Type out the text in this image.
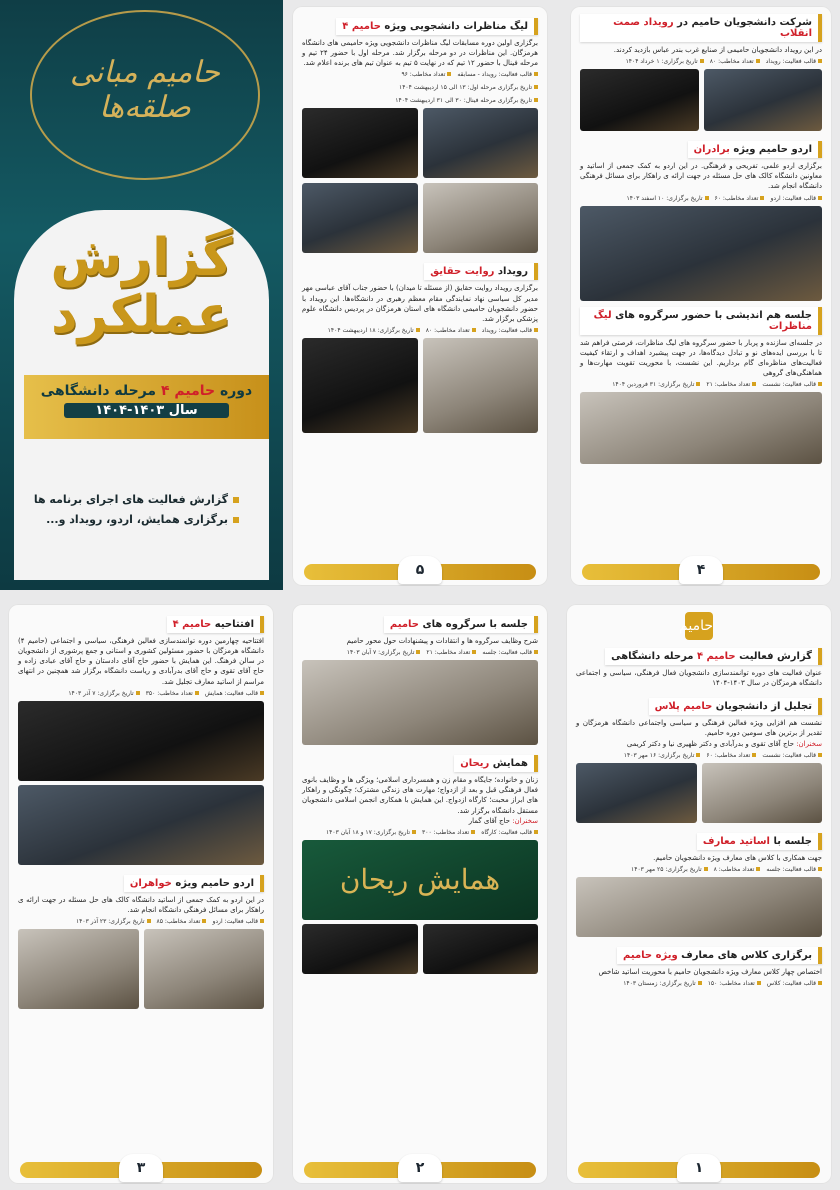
حامیم مبانی صلقه‌ها
گزارش
عملکرد
دوره حامیم ۴ مرحله دانشگاهی
سال ۱۴۰۳-۱۴۰۴
گزارش فعالیت های اجرای برنامه ها
برگزاری همایش، اردو، رویداد و...
لیگ مناظرات دانشجویی ویژه حامیم ۴

برگزاری اولین دوره مسابقات لیگ مناظرات دانشجویی ویژه حامیمی های دانشگاه هرمزگان. این مناظرات در دو مرحله برگزار شد. مرحله اول با حضور ۲۴ تیم و مرحله فینال با حضور ۱۲ تیم که در نهایت ۵ تیم به عنوان تیم های برنده اعلام شد.

قالب فعالیت: رویداد - مسابقه
تعداد مخاطب: ۹۶
تاریخ برگزاری مرحله اول: ۱۳ الی ۱۵ اردیبهشت ۱۴۰۴
تاریخ برگزاری مرحله فینال: ۳۰ الی ۳۱ اردیبهشت ۱۴۰۴
رویداد روایت حقایق

برگزاری رویداد روایت حقایق (از مسئله تا میدان) با حضور جناب آقای عباسی مهر مدیر کل سیاسی نهاد نمایندگی مقام معظم رهبری در دانشگاه‌ها. این رویداد با حضور دانشجویان حامیمی دانشگاه های استان هرمزگان در پردیس دانشگاه علوم پزشکی برگزار شد.

قالب فعالیت: رویداد
تعداد مخاطب: ۸۰
تاریخ برگزاری: ۱۸ اردیبهشت ۱۴۰۴
۵
شرکت دانشجویان حامیم در رویداد صمت انقلاب

در این رویداد دانشجویان حامیمی از صنایع غرب بندر عباس بازدید کردند.

قالب فعالیت: رویداد
تعداد مخاطب: ۸۰
تاریخ برگزاری: ۱ خرداد ۱۴۰۴
اردو حامیم ویژه برادران

برگزاری اردو علمی، تفریحی و فرهنگی. در این اردو به کمک جمعی از اساتید و معاونین دانشگاه کالک های حل مسئله در جهت ارائه ی راهکار برای مسائل فرهنگی دانشگاه انجام شد.

قالب فعالیت: اردو
تعداد مخاطب: ۶۰
تاریخ برگزاری: ۱۰ اسفند ۱۴۰۳
جلسه هم اندیشی با حضور سرگروه های لیگ مناظرات

در جلسه‌ای سازنده و پربار با حضور سرگروه های لیگ مناظرات، فرصتی فراهم شد تا با بررسی ایده‌های نو و تبادل دیدگاه‌ها، در جهت پیشبرد اهداف و ارتقاء کیفیت فعالیت‌های مناظره‌ای گام برداریم. این نشست، با محوریت تقویت مهارت‌ها و هماهنگی‌های گروهی

قالب فعالیت: نشست
تعداد مخاطب: ۲۱
تاریخ برگزاری: ۳۱ فروردین ۱۴۰۴
۴
افتتاحیه حامیم ۴

افتتاحیه چهارمین دوره توانمندسازی فعالین فرهنگی، سیاسی و اجتماعی (حامیم ۴) دانشگاه هرمزگان با حضور مسئولین کشوری و استانی و جمع پرشوری از دانشجویان در سالن فرهنگ. این همایش با حضور حاج آقای دادستان و حاج آقای عبادی زاده و حاج آقای تقوی و حاج آقای بدرآبادی و ریاست دانشگاه برگزار شد همچنین در انتهای مراسم از اساتید معارف تجلیل شد.

قالب فعالیت: همایش
تعداد مخاطب: ۳۵۰
تاریخ برگزاری: ۷ آذر ۱۴۰۳
اردو حامیم ویژه خواهران

در این اردو به کمک جمعی از اساتید دانشگاه کالک های حل مسئله در جهت ارائه ی راهکار برای مسائل فرهنگی دانشگاه انجام شد.

قالب فعالیت: اردو
تعداد مخاطب: ۸۵
تاریخ برگزاری: ۲۳ آذر ۱۴۰۳
۳
جلسه با سرگروه های حامیم

شرح وظایف سرگروه ها و انتقادات و پیشنهادات حول محور حامیم

قالب فعالیت: جلسه
تعداد مخاطب: ۲۱
تاریخ برگزاری: ۷ آبان ۱۴۰۳
همایش ریحان

زنان و خانواده؛ جایگاه و مقام زن و همسرداری اسلامی؛ ویژگی ها و وظایف بانوی فعال فرهنگی قبل و بعد از ازدواج؛ مهارت های زندگی مشترک؛ چگونگی و راهکار های ابراز محبت؛ کارگاه ازدواج. این همایش با همکاری انجمن اسلامی دانشجویان مستقل دانشگاه برگزار شد.

سخنران: حاج آقای گمار

قالب فعالیت: کارگاه
تعداد مخاطب: ۳۰۰
تاریخ برگزاری: ۱۷ و ۱۸ آبان ۱۴۰۳
همایش ریحان
۲
حامیم
گزارش فعالیت حامیم ۴ مرحله دانشگاهی

عنوان فعالیت های دوره توانمندسازی دانشجویان فعال فرهنگی، سیاسی و اجتماعی دانشگاه هرمزگان در سال ۱۴۰۳-۱۴۰۴

تجلیل از دانشجویان حامیم پلاس

نشست هم افزایی ویژه فعالین فرهنگی و سیاسی واجتماعی دانشگاه هرمزگان و تقدیر از برترین های سومین دوره حامیم.

سخنران: حاج آقای تقوی و بدرآبادی و دکتر ظهیری نیا و دکتر کریمی

قالب فعالیت: نشست
تعداد مخاطب: ۶۰
تاریخ برگزاری: ۱۶ مهر ۱۴۰۳
جلسه با اساتید معارف

جهت همکاری با کلاس های معارف ویژه دانشجویان حامیم.

قالب فعالیت: جلسه
تعداد مخاطب: ۸
تاریخ برگزاری: ۲۵ مهر ۱۴۰۳
برگزاری کلاس های معارف ویژه حامیم

اختصاص چهار کلاس معارف ویژه دانشجویان حامیم با محوریت اساتید شاخص

قالب فعالیت: کلاس
تعداد مخاطب: ۱۵۰
تاریخ برگزاری: زمستان ۱۴۰۳
۱
